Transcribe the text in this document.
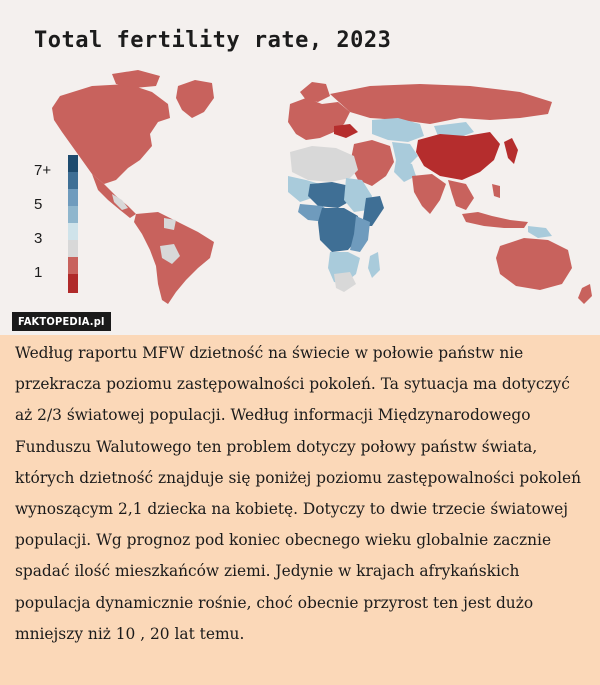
Total fertility rate, 2023
7+
5
3
1
FAKTOPEDIA.pl
Według raportu MFW dzietność na świecie w połowie państw nie przekracza poziomu zastępowalności pokoleń. Ta sytuacja ma dotyczyć aż 2/3 światowej populacji. Według informacji Międzynarodowego Funduszu Walutowego ten problem dotyczy połowy państw świata, których dzietność znajduje się poniżej poziomu zastępowalności pokoleń wynoszącym 2,1 dziecka na kobietę. Dotyczy to dwie trzecie światowej populacji. Wg prognoz pod koniec obecnego wieku globalnie zacznie spadać ilość mieszkańców ziemi. Jedynie w krajach afrykańskich populacja dynamicznie rośnie, choć obecnie przyrost ten jest dużo mniejszy niż 10 , 20 lat temu.
